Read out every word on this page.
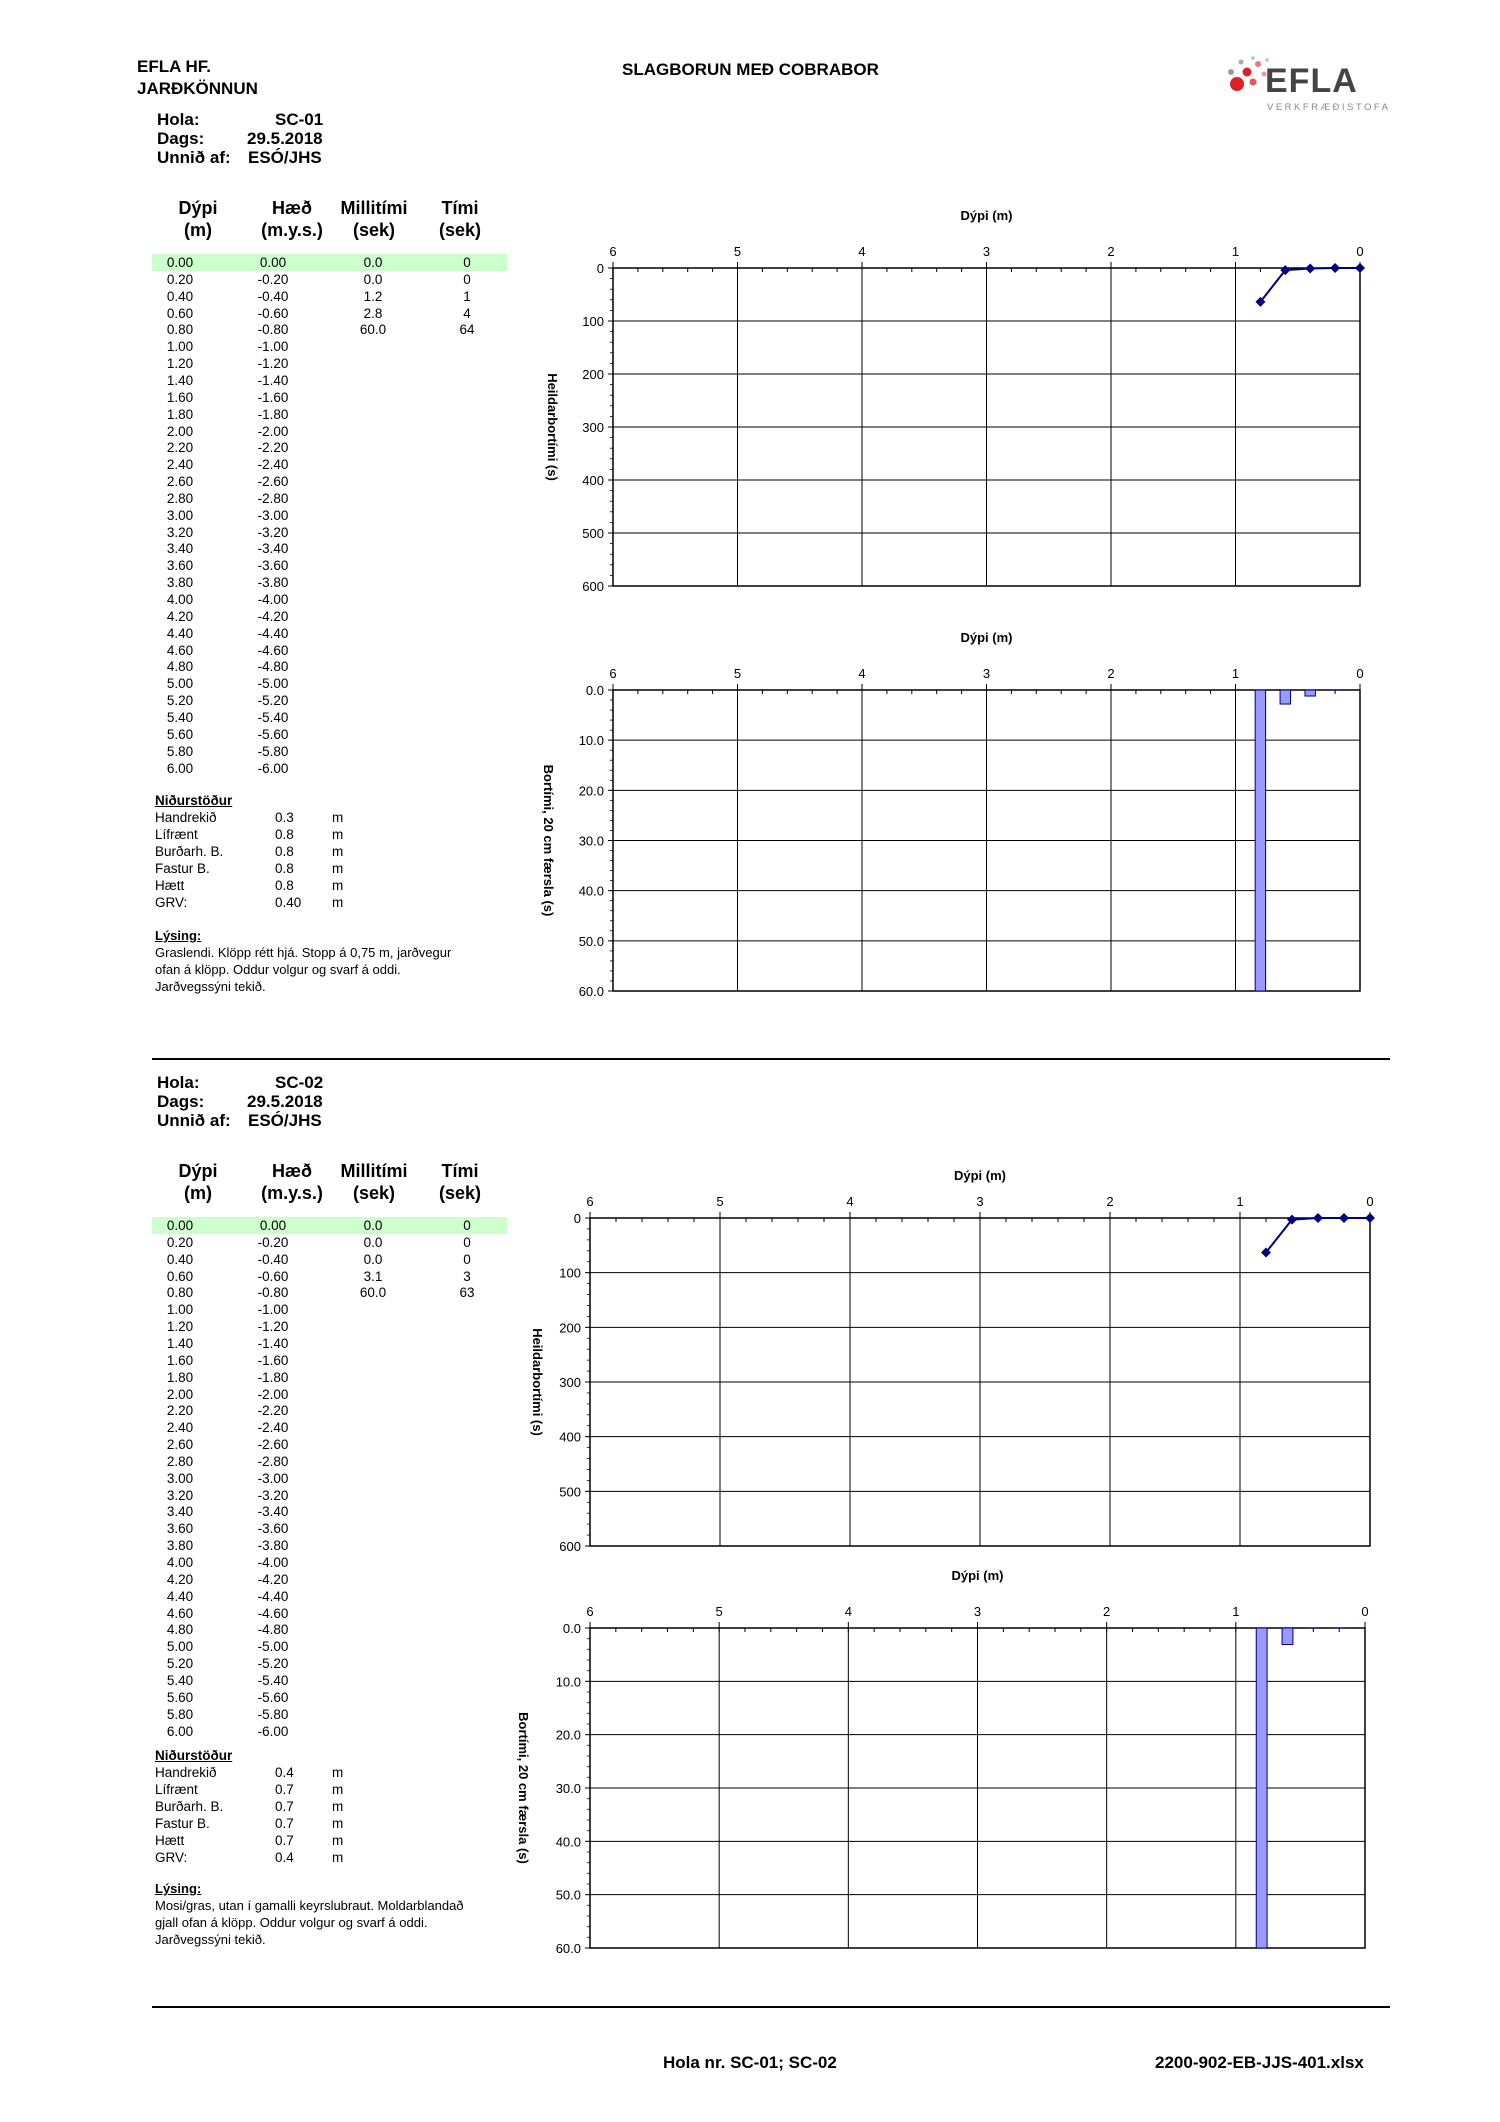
EFLA HF.
JARÐKÖNNUN
SLAGBORUN MEÐ COBRABOR	EFLA
VERKFRÆÐISTOFA
Hola:	SC-01
Dags:	29.5.2018
Unnið af: ESÓ/JHS
Dýpi
(m)
Hæð
(m.y.s.)
Millitími
(sek)
Tími
(sek)
0.00	0.00	0.0	0
0.20	-0.20	0.0	0
0.40	-0.40	1.2	1
0.60	-0.60	2.8	4
0.80	-0.80	60.0	64
1.00	-1.00
1.20	-1.20
1.40	-1.40
1.60	-1.60
1.80	-1.80
2.00	-2.00
2.20	-2.20
2.40	-2.40
2.60	-2.60
2.80	-2.80
3.00	-3.00
3.20	-3.20
3.40	-3.40
3.60	-3.60
3.80	-3.80
4.00	-4.00
4.20	-4.20
4.40	-4.40
4.60	-4.60
4.80	-4.80
5.00	-5.00
5.20	-5.20
5.40	-5.40
5.60	-5.60
5.80	-5.80
6.00	-6.00
Niðurstöður
Handrekið	0.3	m
Lífrænt	0.8	m
Burðarh. B.	0.8	m
Fastur B.	0.8	m
Hætt	0.8	m
GRV:	0.40 m
Lýsing:
Graslendi. Klöpp rétt hjá. Stopp á 0,75 m, jarðvegur
ofan á klöpp. Oddur volgur og svarf á oddi.
Jarðvegssýni tekið.
Hola:	SC-02
Dags:	29.5.2018
Unnið af: ESÓ/JHS
Dýpi
(m)
Hæð
(m.y.s.)
Millitími
(sek)
Tími
(sek)
0.00	0.00	0.0	0
0.20	-0.20	0.0	0
0.40	-0.40	0.0	0
0.60	-0.60	3.1	3
0.80	-0.80	60.0	63
1.00	-1.00
1.20	-1.20
1.40	-1.40
1.60	-1.60
1.80	-1.80
2.00	-2.00
2.20	-2.20
2.40	-2.40
2.60	-2.60
2.80	-2.80
3.00	-3.00
3.20	-3.20
3.40	-3.40
3.60	-3.60
3.80	-3.80
4.00	-4.00
4.20	-4.20
4.40	-4.40
4.60	-4.60
4.80	-4.80
5.00	-5.00
5.20	-5.20
5.40	-5.40
5.60	-5.60
5.80	-5.80
6.00	-6.00
Niðurstöður
Handrekið	0.4	m
Lífrænt	0.7	m
Burðarh. B.	0.7	m
Fastur B.	0.7	m
Hætt	0.7	m
GRV:	0.4	m
Lýsing:
Mosi/gras, utan í gamalli keyrslubraut. Moldarblandað
gjall ofan á klöpp. Oddur volgur og svarf á oddi.
Jarðvegssýni tekið.
Dýpi (m)
6	5	4	3	2	1	0
0
100
200
300
400
500
600
Heildarbortími (s)
Dýpi (m)
6	5	4	3	2	1	0
0.0
10.0
20.0
30.0
40.0
50.0
60.0
Bortími, 20 cm færsla (s)
Dýpi (m)
6	5	4	3	2	1	0
0
100
200
300
400
500
600
Heildarbortími (s)
Dýpi (m)
6	5	4	3	2	1	0
0.0
10.0
20.0
30.0
40.0
50.0
60.0
Bortími, 20 cm færsla (s)
Hola nr. SC-01; SC-02	2200-902-EB-JJS-401.xlsx
